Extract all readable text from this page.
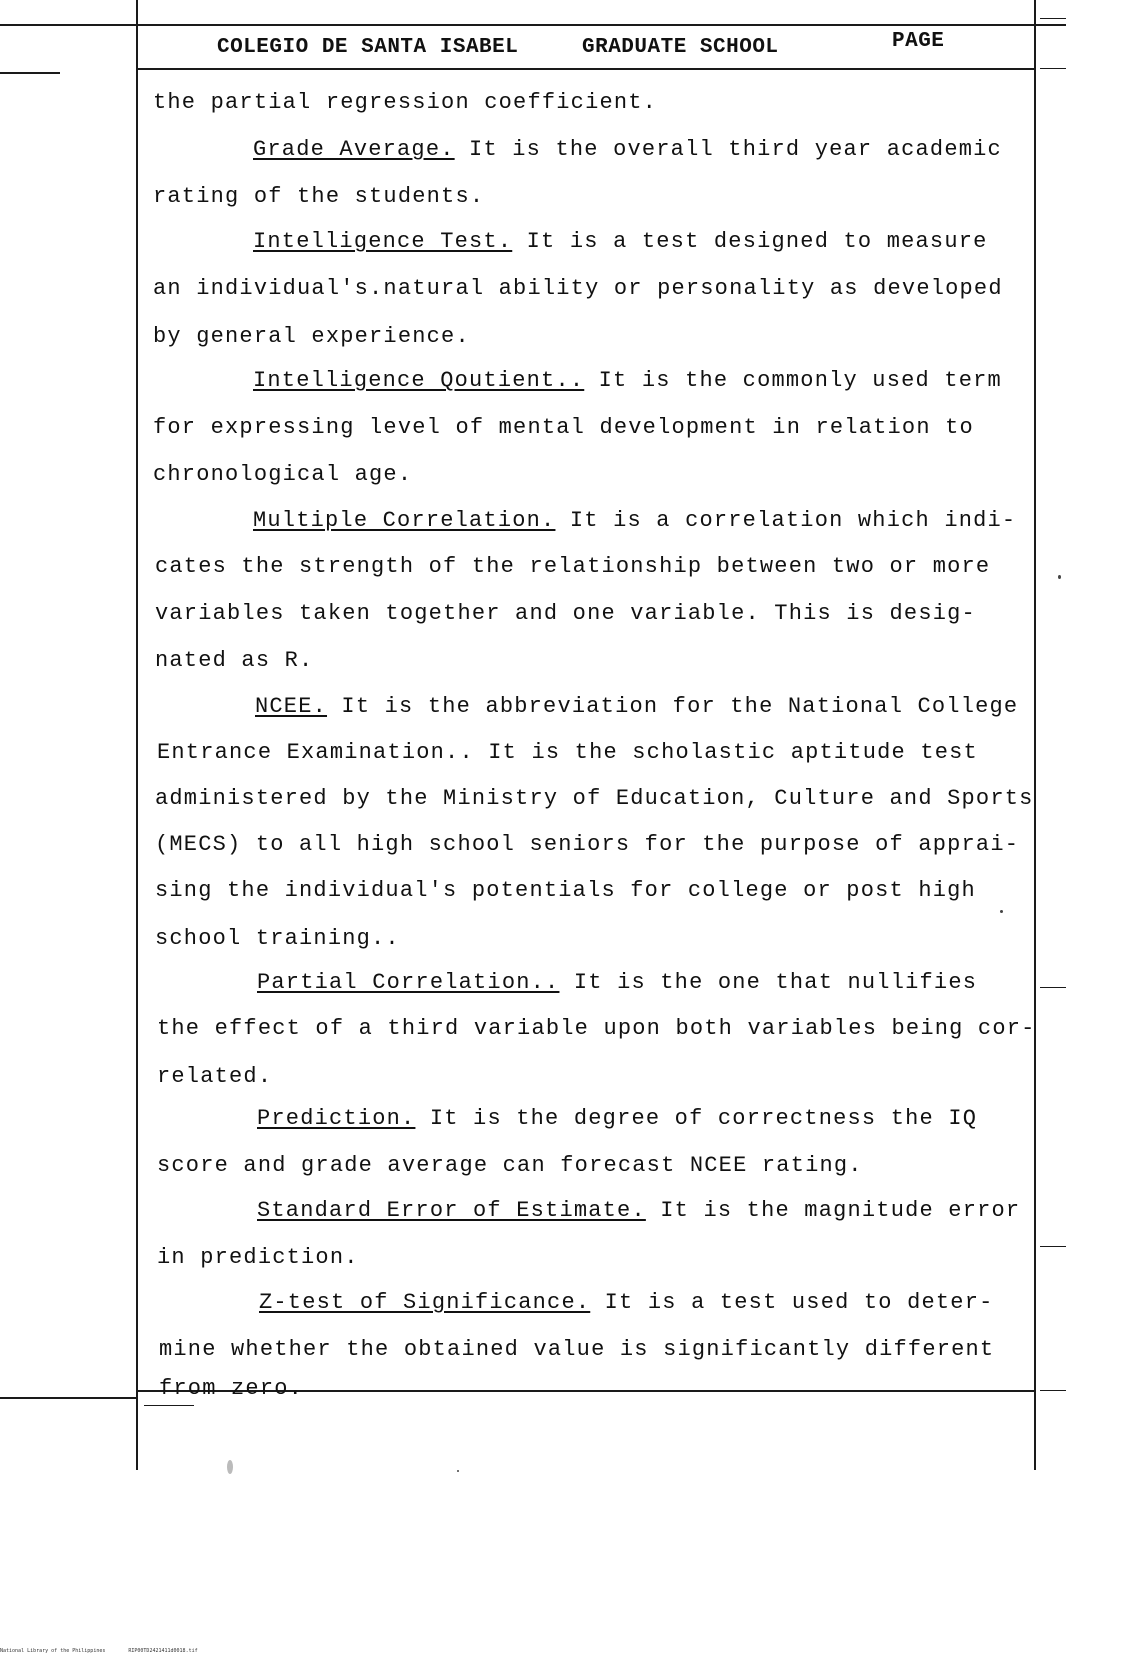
COLEGIO DE SANTA ISABEL	GRADUATE SCHOOL	PAGE
the partial regression coefficient.
Grade Average. It is the overall third year academic
rating of the students.
Intelligence Test. It is a test designed to measure
an individual's.natural ability or personality as developed
by general experience.
Intelligence Qoutient.. It is the commonly used term
for expressing level of mental development in relation to
chronological age.
Multiple Correlation. It is a correlation which indi-
cates the strength of the relationship between two or more
variables taken together and one variable. This is desig-
nated as R.
NCEE. It is the abbreviation for the National College
Entrance Examination.. It is the scholastic aptitude test
administered by the Ministry of Education, Culture and Sports
(MECS) to all high school seniors for the purpose of apprai-
sing the individual's potentials for college or post high
school training..
Partial Correlation.. It is the one that nullifies
the effect of a third variable upon both variables being cor-
related.
Prediction. It is the degree of correctness the IQ
score and grade average can forecast NCEE rating.
Standard Error of Estimate. It is the magnitude error
in prediction.
Z-test of Significance. It is a test used to deter-
mine whether the obtained value is significantly different
from zero.
National Library of the Philippines	RIP00TD2421411d0018.tif
